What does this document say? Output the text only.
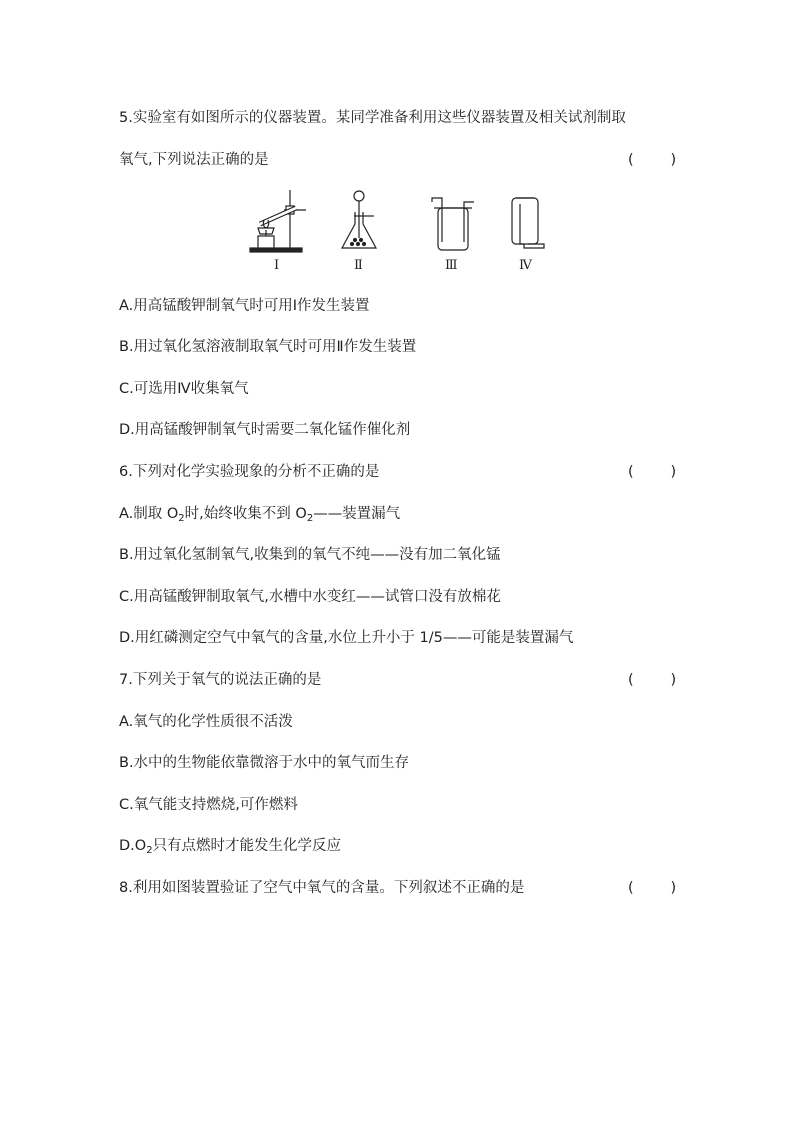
5.实验室有如图所示的仪器装置。某同学准备利用这些仪器装置及相关试剂制取
氧气,下列说法正确的是	(        )
Ⅰ	Ⅱ	Ⅲ	Ⅳ
A.用高锰酸钾制氧气时可用Ⅰ作发生装置
B.用过氧化氢溶液制取氧气时可用Ⅱ作发生装置
C.可选用Ⅳ收集氧气
D.用高锰酸钾制氧气时需要二氧化锰作催化剂
6.下列对化学实验现象的分析不正确的是	(        )
A.制取 $O_2$时,始终收集不到 $O_2——$装置漏气
B.用过氧化氢制氧气,收集到的氧气不纯——没有加二氧化锰
C.用高锰酸钾制取氧气,水槽中水变红——试管口没有放棉花
D.用红磷测定空气中氧气的含量,水位上升小于 1/5——可能是装置漏气
7.下列关于氧气的说法正确的是	(        )
A.氧气的化学性质很不活泼
B.水中的生物能依靠微溶于水中的氧气而生存
C.氧气能支持燃烧,可作燃料
$D.O_2$只有点燃时才能发生化学反应
8.利用如图装置验证了空气中氧气的含量。下列叙述不正确的是	(        )
